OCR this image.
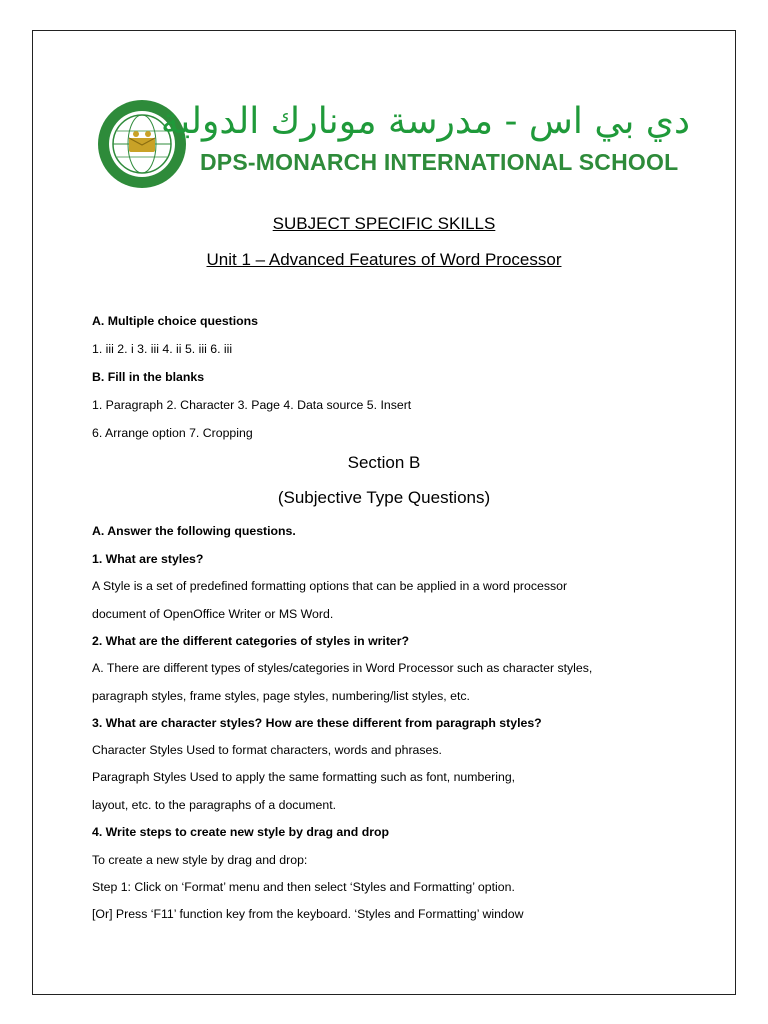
دي بي اس - مدرسة مونارك الدولية
DPS-MONARCH INTERNATIONAL SCHOOL
SUBJECT SPECIFIC SKILLS
Unit 1 – Advanced Features of Word Processor
A. Multiple choice questions
1. iii 2. i 3. iii 4. ii 5. iii 6. iii
B. Fill in the blanks
1. Paragraph 2. Character 3. Page 4. Data source 5. Insert
6. Arrange option 7. Cropping
Section B
(Subjective Type Questions)
A. Answer the following questions.
1. What are styles?
A Style is a set of predefined formatting options that can be applied in a word processor
document of OpenOffice Writer or MS Word.
2. What are the different categories of styles in writer?
A. There are different types of styles/categories in Word Processor such as character styles,
paragraph styles, frame styles, page styles, numbering/list styles, etc.
3. What are character styles? How are these different from paragraph styles?
Character Styles Used to format characters, words and phrases.
Paragraph Styles Used to apply the same formatting such as font, numbering,
layout, etc. to the paragraphs of a document.
4. Write steps to create new style by drag and drop
To create a new style by drag and drop:
Step 1: Click on ‘Format’ menu and then select ‘Styles and Formatting’ option.
[Or] Press ‘F11’ function key from the keyboard. ‘Styles and Formatting’ window
